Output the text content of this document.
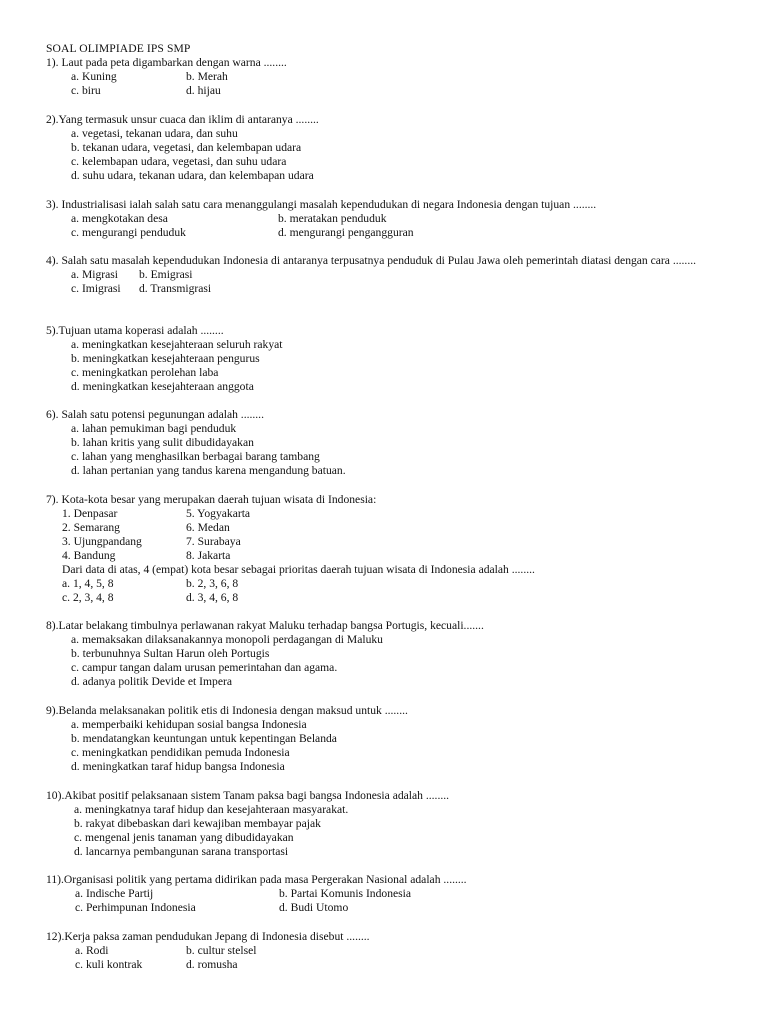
SOAL OLIMPIADE IPS SMP
1). Laut pada peta digambarkan dengan warna ........
a. Kuning	b. Merah
c. biru	d. hijau
2).Yang termasuk unsur cuaca dan iklim di antaranya ........
a. vegetasi, tekanan udara, dan suhu
b. tekanan udara, vegetasi, dan kelembapan udara
c. kelembapan udara, vegetasi, dan suhu udara
d. suhu udara, tekanan udara, dan kelembapan udara
3). Industrialisasi ialah salah satu cara menanggulangi masalah kependudukan di negara Indonesia dengan tujuan ........
a. mengkotakan desa	b. meratakan penduduk
c. mengurangi penduduk	d. mengurangi pengangguran
4). Salah satu masalah kependudukan Indonesia di antaranya terpusatnya penduduk di Pulau Jawa oleh pemerintah diatasi dengan cara ........
a. Migrasi b. Emigrasi
c. Imigrasi d. Transmigrasi
5).Tujuan utama koperasi adalah ........
a. meningkatkan kesejahteraan seluruh rakyat
b. meningkatkan kesejahteraan pengurus
c. meningkatkan perolehan laba
d. meningkatkan kesejahteraan anggota
6). Salah satu potensi pegunungan adalah ........
a. lahan pemukiman bagi penduduk
b. lahan kritis yang sulit dibudidayakan
c. lahan yang menghasilkan berbagai barang tambang
d. lahan pertanian yang tandus karena mengandung batuan.
7). Kota-kota besar yang merupakan daerah tujuan wisata di Indonesia:
1. Denpasar	5. Yogyakarta
2. Semarang	6. Medan
3. Ujungpandang	7. Surabaya
4. Bandung	8. Jakarta
Dari data di atas, 4 (empat) kota besar sebagai prioritas daerah tujuan wisata di Indonesia adalah ........
a. 1, 4, 5, 8	b. 2, 3, 6, 8
c. 2, 3, 4, 8	d. 3, 4, 6, 8
8).Latar belakang timbulnya perlawanan rakyat Maluku terhadap bangsa Portugis, kecuali.......
a. memaksakan dilaksanakannya monopoli perdagangan di Maluku
b. terbunuhnya Sultan Harun oleh Portugis
c. campur tangan dalam urusan pemerintahan dan agama.
d. adanya politik Devide et Impera
9).Belanda melaksanakan politik etis di Indonesia dengan maksud untuk ........
a. memperbaiki kehidupan sosial bangsa Indonesia
b. mendatangkan keuntungan untuk kepentingan Belanda
c. meningkatkan pendidikan pemuda Indonesia
d. meningkatkan taraf hidup bangsa Indonesia
10).Akibat positif pelaksanaan sistem Tanam paksa bagi bangsa Indonesia adalah ........
a. meningkatnya taraf hidup dan kesejahteraan masyarakat.
b. rakyat dibebaskan dari kewajiban membayar pajak
c. mengenal jenis tanaman yang dibudidayakan
d. lancarnya pembangunan sarana transportasi
11).Organisasi politik yang pertama didirikan pada masa Pergerakan Nasional adalah ........
a. Indische Partij	b. Partai Komunis Indonesia
c. Perhimpunan Indonesia	d. Budi Utomo
12).Kerja paksa zaman pendudukan Jepang di Indonesia disebut ........
a. Rodi	b. cultur stelsel
c. kuli kontrak	d. romusha
